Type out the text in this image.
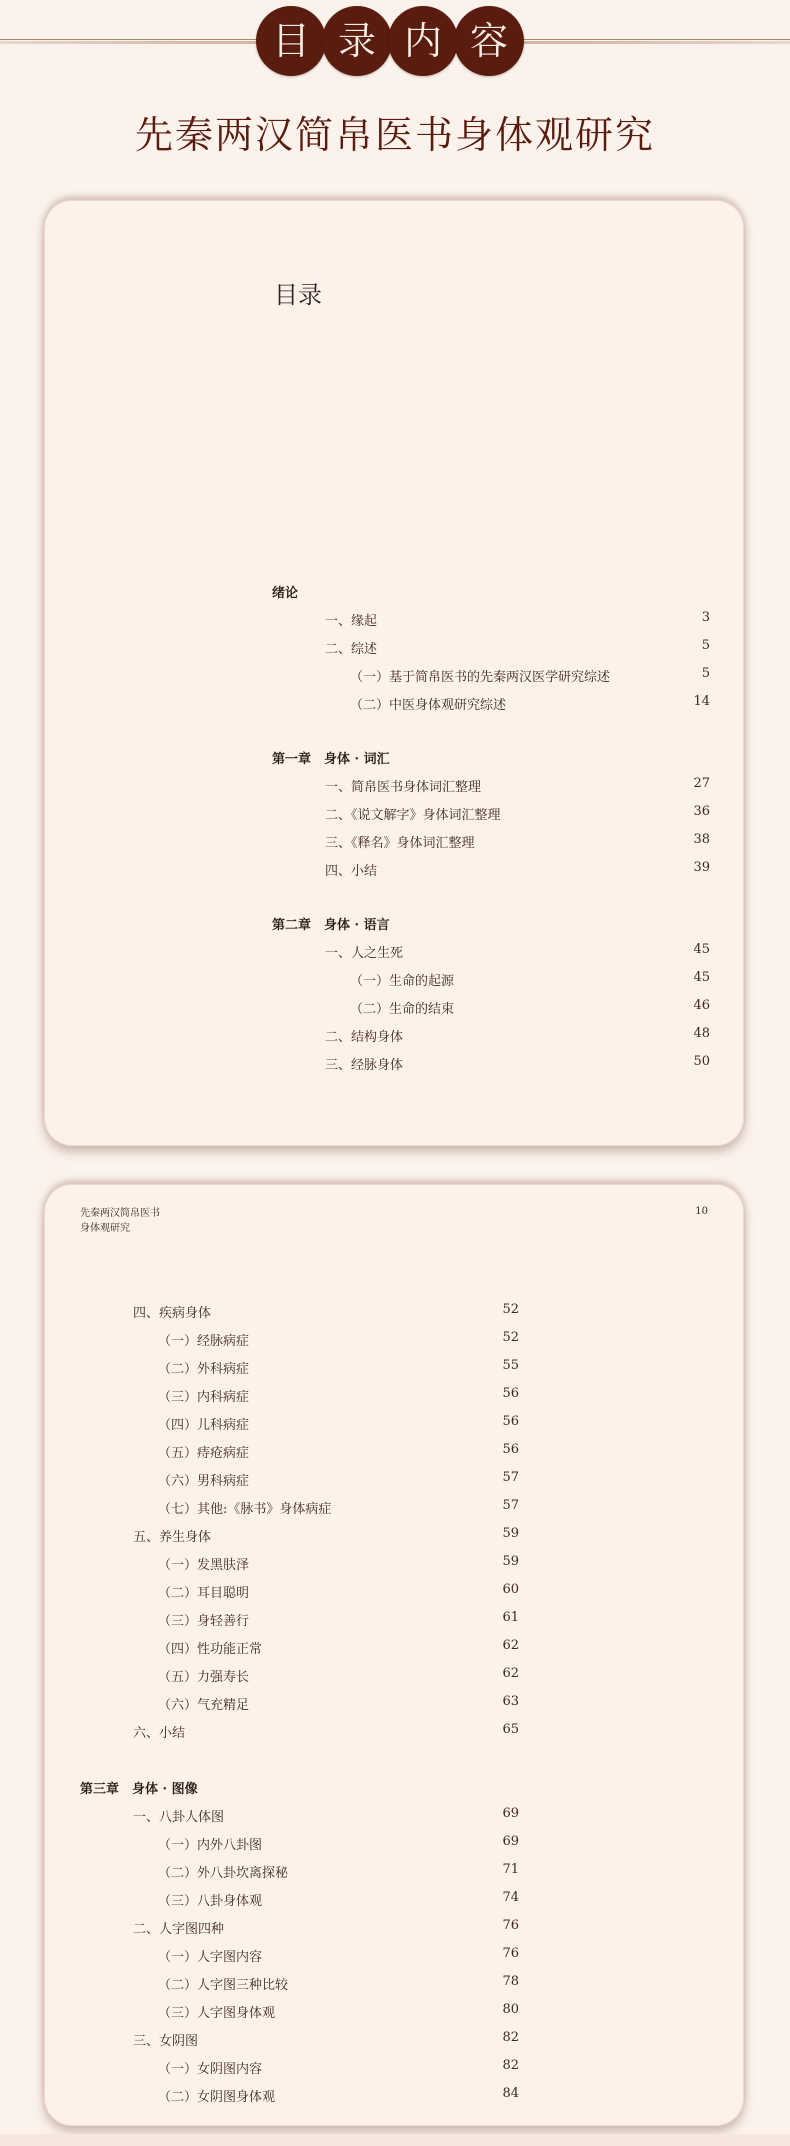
目 录 内 容
先秦两汉简帛医书身体观研究
目录
绪论
一、缘起	3
二、综述	5
（一）基于简帛医书的先秦两汉医学研究综述	5
（二）中医身体观研究综述	14
第一章　身体 · 词汇
一、简帛医书身体词汇整理	27
二、《说文解字》身体词汇整理	36
三、《释名》身体词汇整理	38
四、小结	39
第二章　身体 · 语言
一、人之生死	45
（一）生命的起源	45
（二）生命的结束	46
二、结构身体	48
三、经脉身体	50
先秦两汉简帛医书
身体观研究
10
四、疾病身体	52
（一）经脉病症	52
（二）外科病症	55
（三）内科病症	56
（四）儿科病症	56
（五）痔疮病症	56
（六）男科病症	57
（七）其他:《脉书》身体病症	57
五、养生身体	59
（一）发黑肤泽	59
（二）耳目聪明	60
（三）身轻善行	61
（四）性功能正常	62
（五）力强寿长	62
（六）气充精足	63
六、小结	65
第三章　身体 · 图像
一、八卦人体图	69
（一）内外八卦图	69
（二）外八卦坎离探秘	71
（三）八卦身体观	74
二、人字图四种	76
（一）人字图内容	76
（二）人字图三种比较	78
（三）人字图身体观	80
三、女阴图	82
（一）女阴图内容	82
（二）女阴图身体观	84
